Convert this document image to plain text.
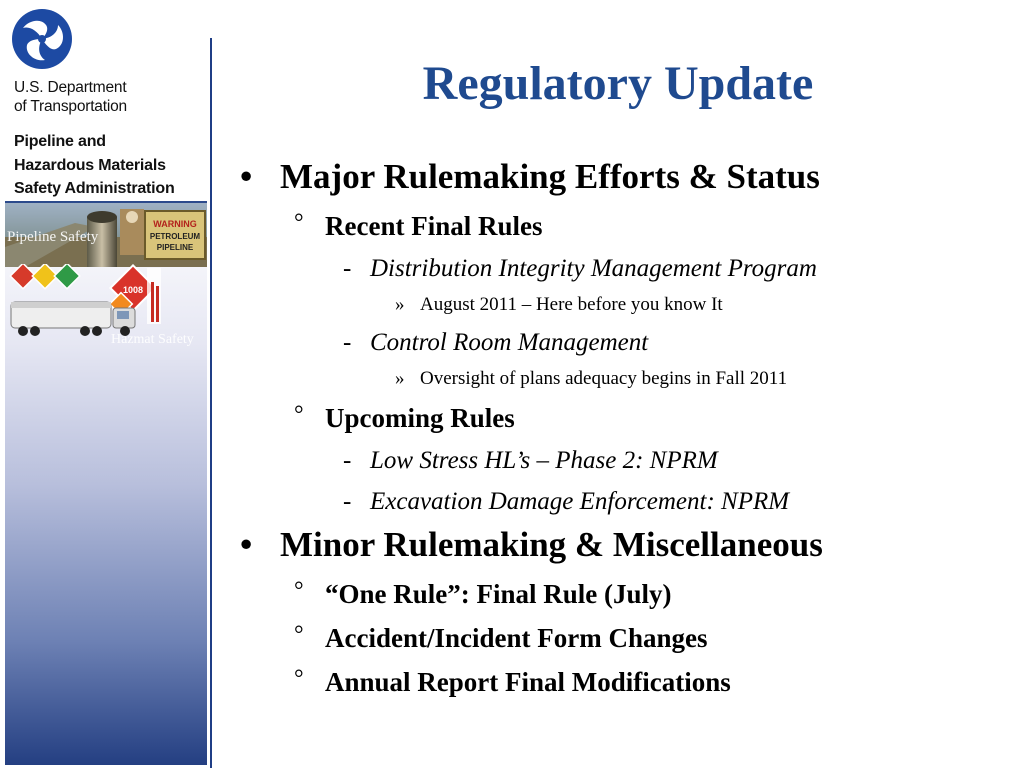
U.S. Department
of Transportation
Pipeline and
Hazardous Materials
Safety Administration
WARNING
PETROLEUM
PIPELINE
Pipeline Safety
1008
Hazmat Safety
Regulatory Update
• Major Rulemaking Efforts & Status
° Recent Final Rules
- Distribution Integrity Management Program
» August 2011 – Here before you know It
- Control Room Management
» Oversight of plans adequacy begins in Fall 2011
° Upcoming Rules
- Low Stress HL’s – Phase 2: NPRM
- Excavation Damage Enforcement: NPRM
• Minor Rulemaking & Miscellaneous
° “One Rule”: Final Rule (July)
° Accident/Incident Form Changes
° Annual Report Final Modifications
